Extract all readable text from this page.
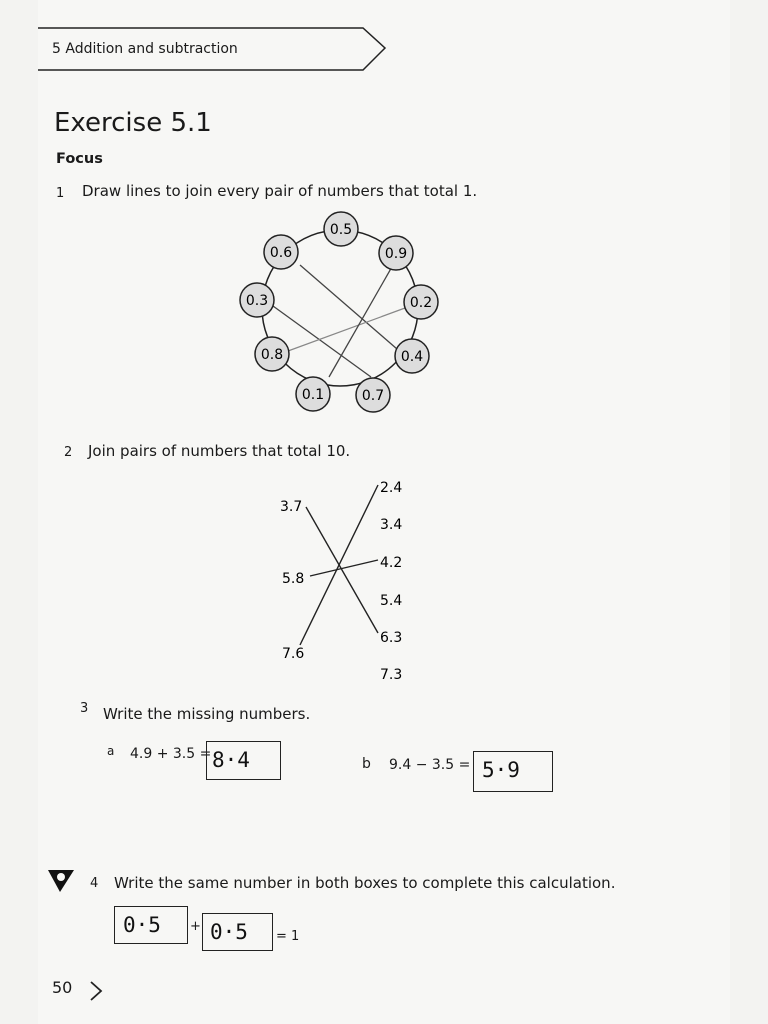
5 Addition and subtraction
Exercise 5.1
Focus
1 Draw lines to join every pair of numbers that total 1.
0.5
0.9
0.2
0.4
0.7
0.1
0.8
0.3
0.6
2 Join pairs of numbers that total 10.
3.7
5.8
7.6
2.4
3.4
4.2
5.4
6.3
7.3
3 Write the missing numbers.
a 4.9 + 3.5 = 8·4	b 9.4 − 3.5 = 5·9
4 Write the same number in both boxes to complete this calculation.
0·5 + 0·5 = 1
50
